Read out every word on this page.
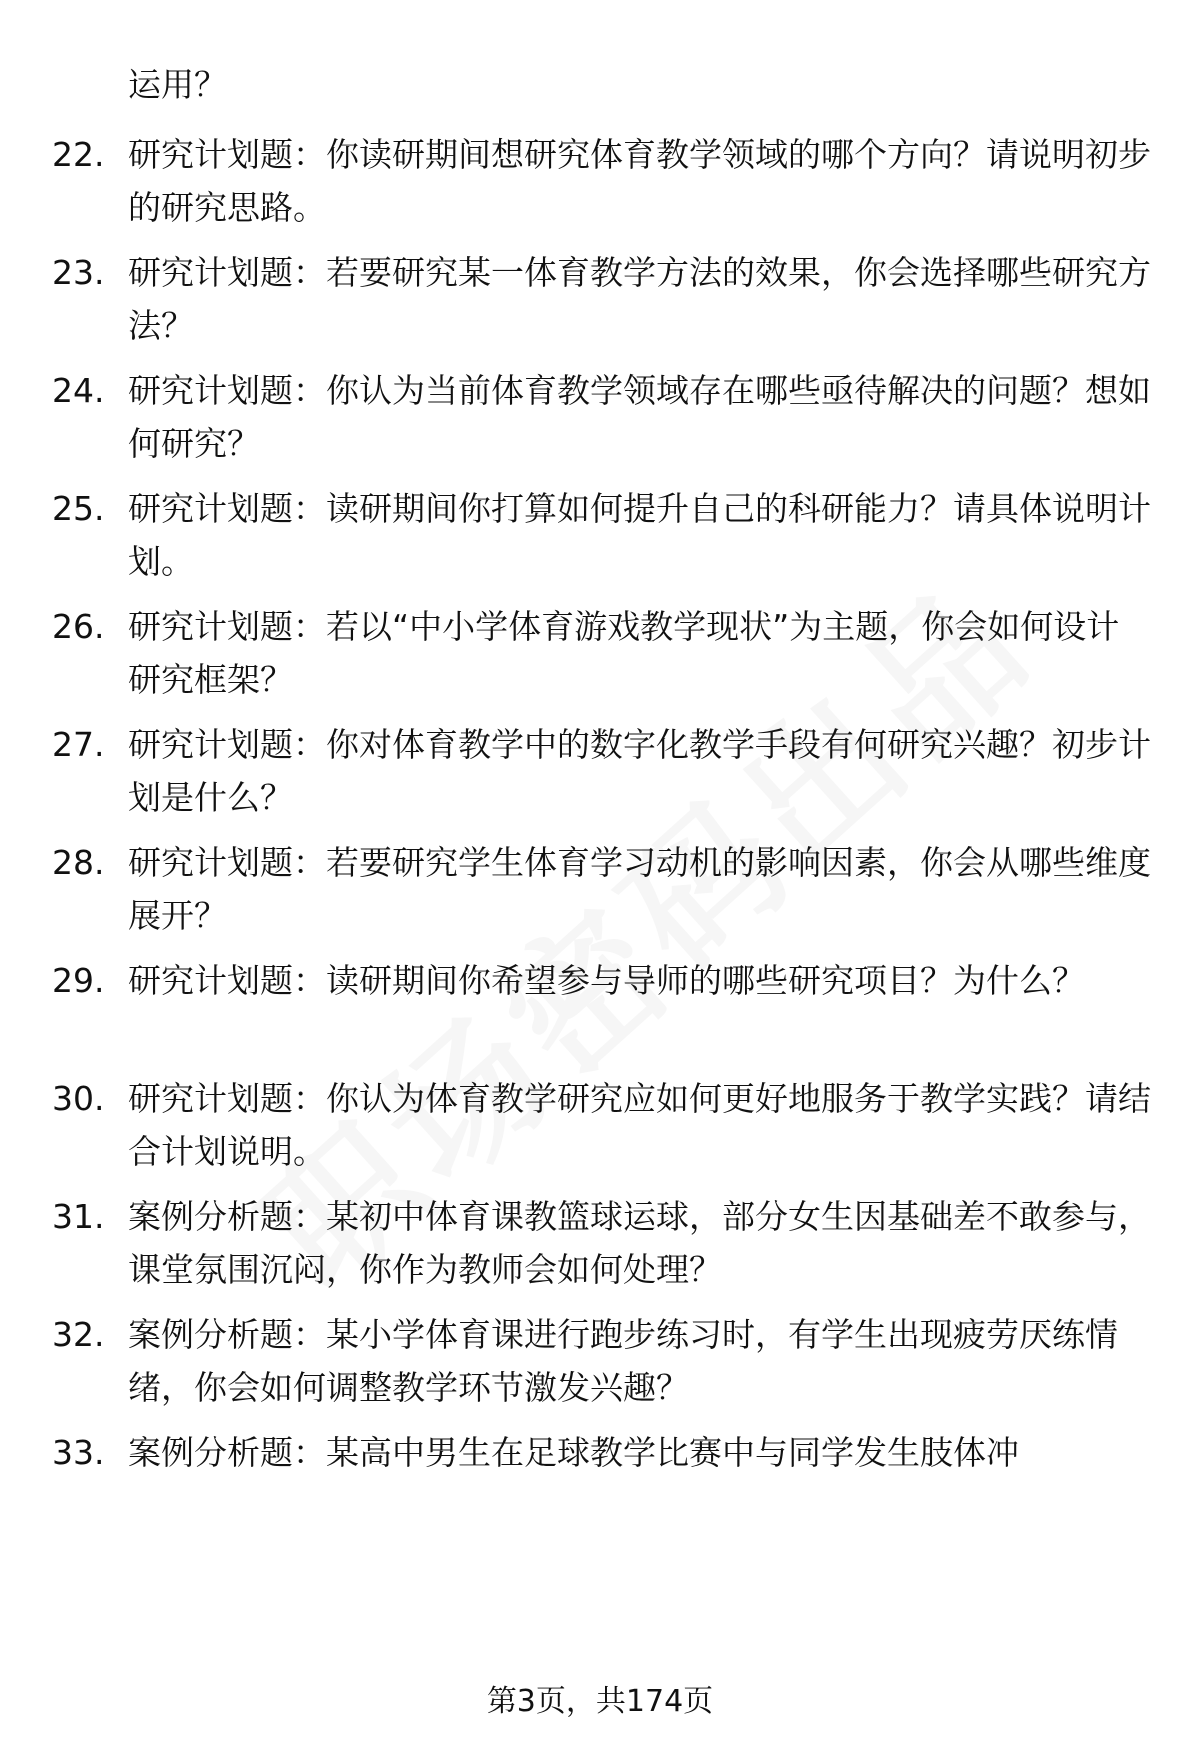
运用？
22. 研究计划题：你读研期间想研究体育教学领域的哪个方向？请说明初步的研究思路。
23. 研究计划题：若要研究某一体育教学方法的效果，你会选择哪些研究方法？
24. 研究计划题：你认为当前体育教学领域存在哪些亟待解决的问题？想如何研究？
25. 研究计划题：读研期间你打算如何提升自己的科研能力？请具体说明计划。
26. 研究计划题：若以“中小学体育游戏教学现状”为主题，你会如何设计研究框架？
27. 研究计划题：你对体育教学中的数字化教学手段有何研究兴趣？初步计划是什么？
28. 研究计划题：若要研究学生体育学习动机的影响因素，你会从哪些维度展开？
29. 研究计划题：读研期间你希望参与导师的哪些研究项目？为什么？
30. 研究计划题：你认为体育教学研究应如何更好地服务于教学实践？请结合计划说明。
31. 案例分析题：某初中体育课教篮球运球，部分女生因基础差不敢参与，课堂氛围沉闷，你作为教师会如何处理？
32. 案例分析题：某小学体育课进行跑步练习时，有学生出现疲劳厌练情绪，你会如何调整教学环节激发兴趣？
33. 案例分析题：某高中男生在足球教学比赛中与同学发生肢体冲
第3页，共174页
